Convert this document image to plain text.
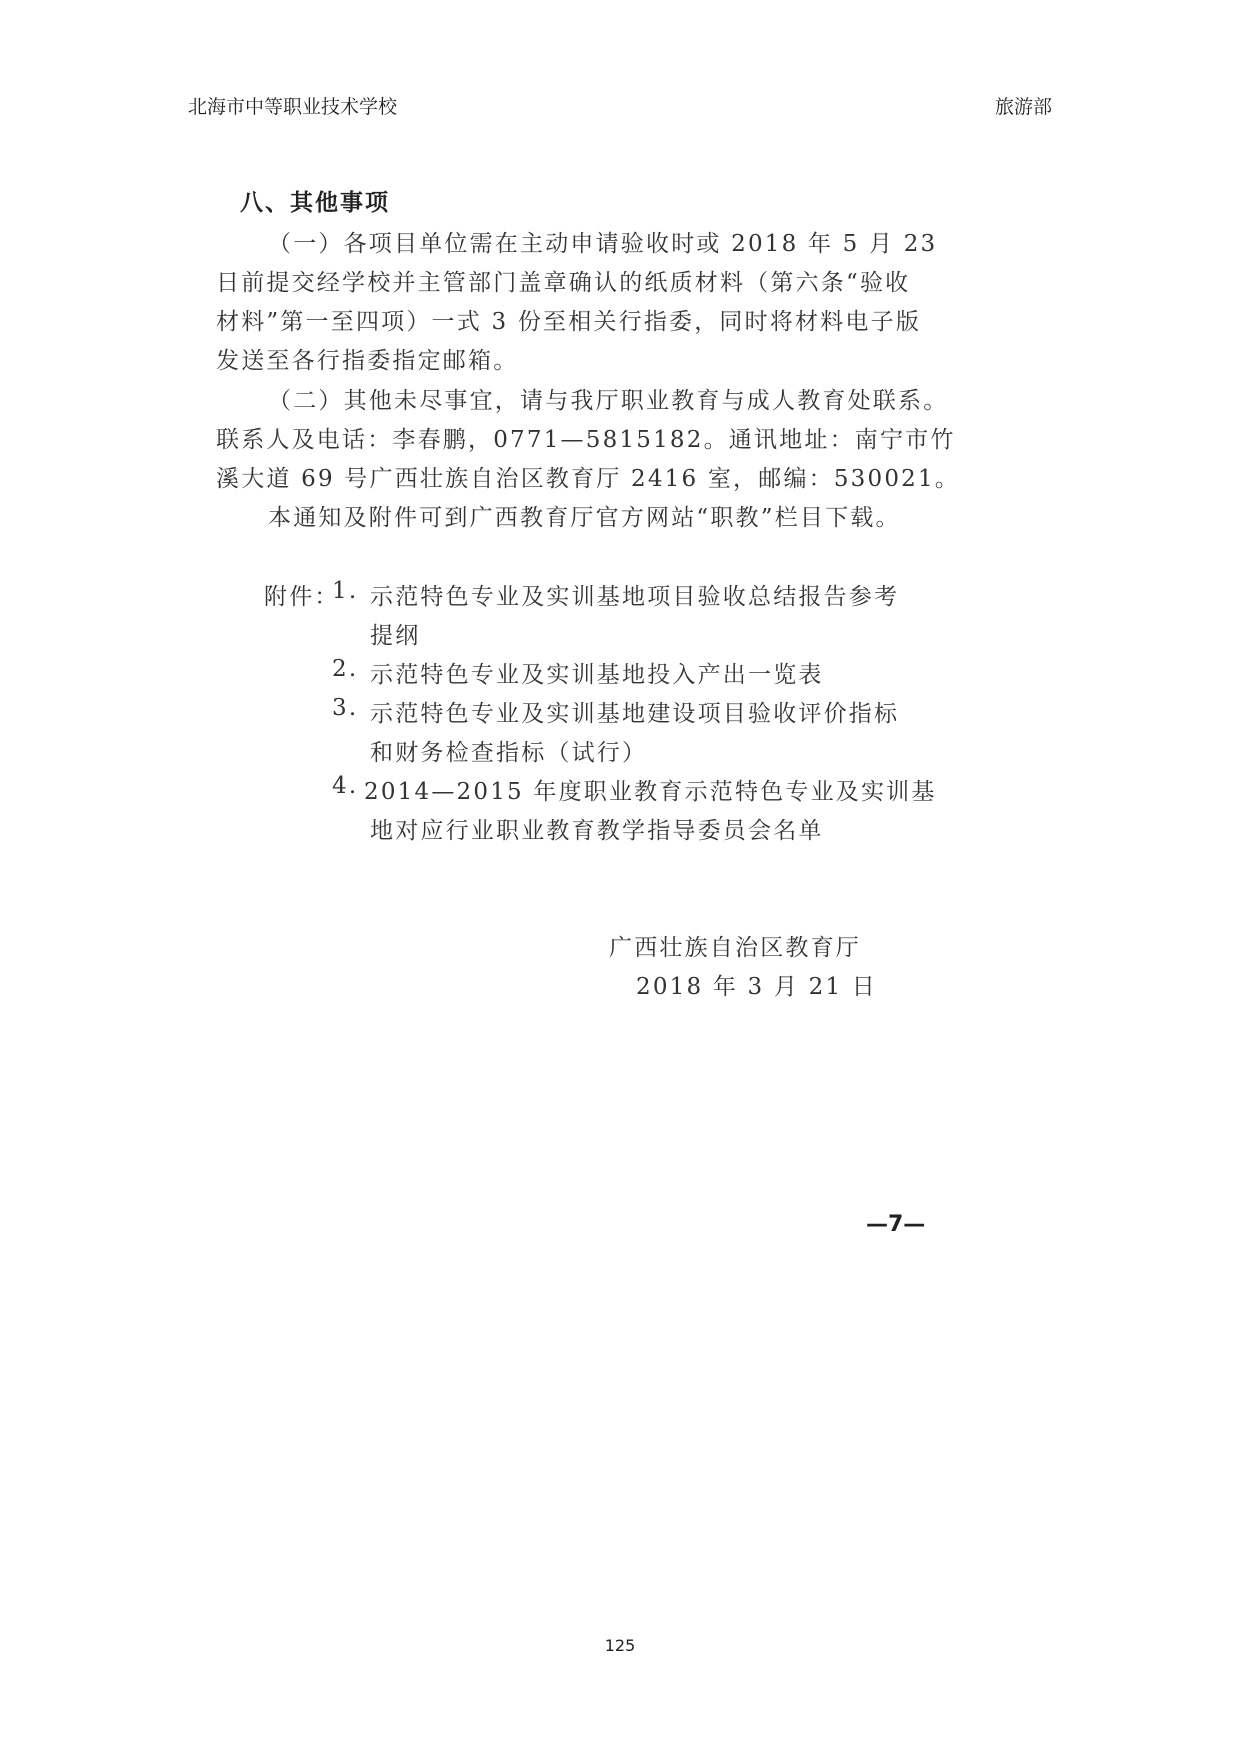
北海市中等职业技术学校	旅游部
八、其他事项
（一）各项目单位需在主动申请验收时或 2018 年 5 月 23
日前提交经学校并主管部门盖章确认的纸质材料（第六条“验收
材料”第一至四项）一式 3 份至相关行指委，同时将材料电子版
发送至各行指委指定邮箱。
（二）其他未尽事宜，请与我厅职业教育与成人教育处联系。
联系人及电话：李春鹏，0771—5815182。通讯地址：南宁市竹
溪大道 69 号广西壮族自治区教育厅 2416 室，邮编：530021。
本通知及附件可到广西教育厅官方网站“职教”栏目下载。
附件：
1. 示范特色专业及实训基地项目验收总结报告参考
提纲
2. 示范特色专业及实训基地投入产出一览表
3. 示范特色专业及实训基地建设项目验收评价指标
和财务检查指标（试行）
4. 2014—2015 年度职业教育示范特色专业及实训基
地对应行业职业教育教学指导委员会名单
广西壮族自治区教育厅
2018 年 3 月 21 日
—7—
125
